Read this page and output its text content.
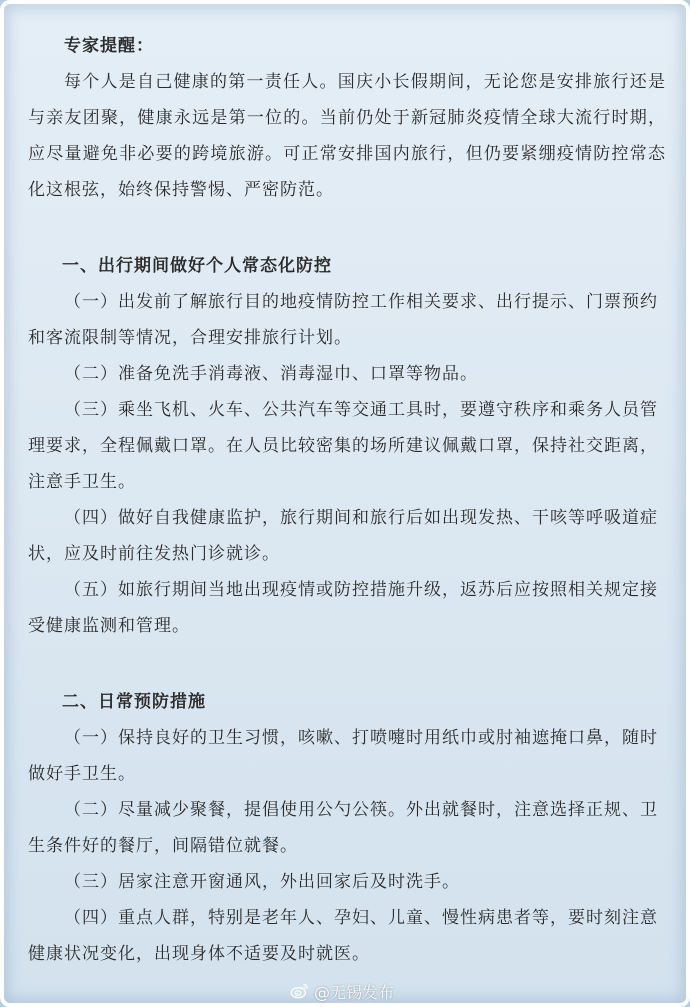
专家提醒：

每个人是自己健康的第一责任人。国庆小长假期间，无论您是安排旅行还是与亲友团聚，健康永远是第一位的。当前仍处于新冠肺炎疫情全球大流行时期，应尽量避免非必要的跨境旅游。可正常安排国内旅行，但仍要紧绷疫情防控常态化这根弦，始终保持警惕、严密防范。

一、出行期间做好个人常态化防控

（一）出发前了解旅行目的地疫情防控工作相关要求、出行提示、门票预约和客流限制等情况，合理安排旅行计划。

（二）准备免洗手消毒液、消毒湿巾、口罩等物品。

（三）乘坐飞机、火车、公共汽车等交通工具时，要遵守秩序和乘务人员管理要求，全程佩戴口罩。在人员比较密集的场所建议佩戴口罩，保持社交距离，注意手卫生。

（四）做好自我健康监护，旅行期间和旅行后如出现发热、干咳等呼吸道症状，应及时前往发热门诊就诊。

（五）如旅行期间当地出现疫情或防控措施升级，返苏后应按照相关规定接受健康监测和管理。

二、日常预防措施

（一）保持良好的卫生习惯，咳嗽、打喷嚏时用纸巾或肘袖遮掩口鼻，随时做好手卫生。

（二）尽量减少聚餐，提倡使用公勺公筷。外出就餐时，注意选择正规、卫生条件好的餐厅，间隔错位就餐。

（三）居家注意开窗通风，外出回家后及时洗手。

（四）重点人群，特别是老年人、孕妇、儿童、慢性病患者等，要时刻注意健康状况变化，出现身体不适要及时就医。

@无锡发布
